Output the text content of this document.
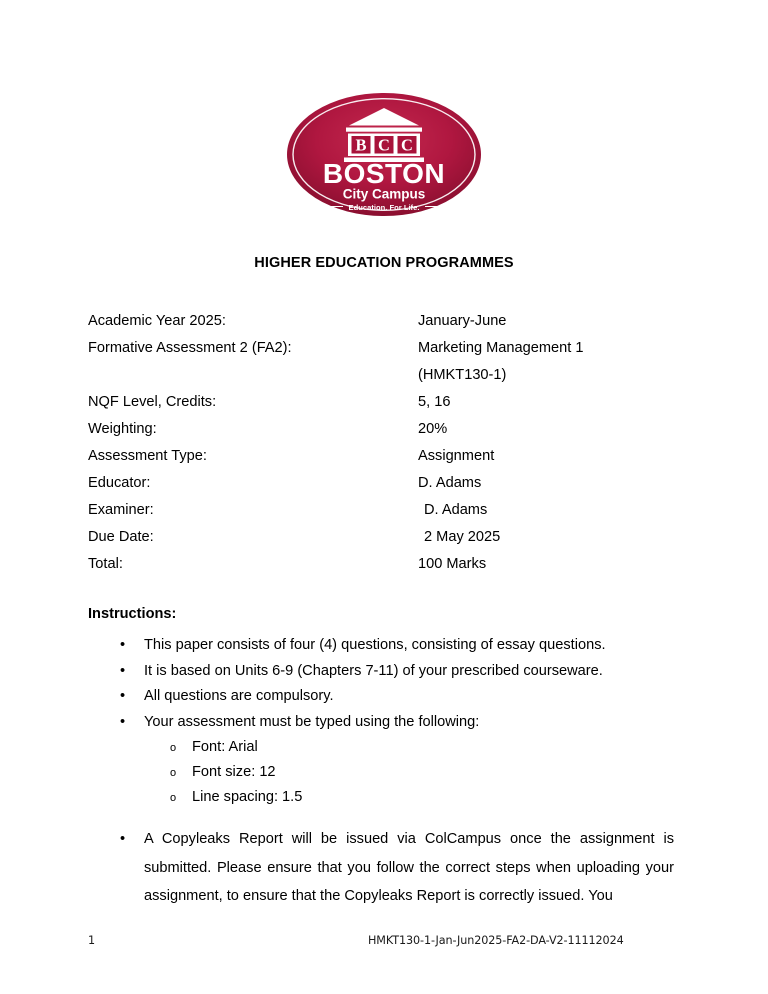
B C C
BOSTON
City Campus
Education. For Life.
HIGHER EDUCATION PROGRAMMES
Academic Year 2025:	January-June
Formative Assessment 2 (FA2):	Marketing Management 1
(HMKT130-1)
NQF Level, Credits:	5, 16
Weighting:	20%
Assessment Type:	Assignment
Educator:	D. Adams
Examiner:	D. Adams
Due Date:	2 May 2025
Total:	100 Marks
Instructions:
• This paper consists of four (4) questions, consisting of essay questions.
• It is based on Units 6-9 (Chapters 7-11) of your prescribed courseware.
• All questions are compulsory.
• Your assessment must be typed using the following:
o Font: Arial
o Font size: 12
o Line spacing: 1.5
• A Copyleaks Report will be issued via ColCampus once the assignment is submitted. Please ensure that you follow the correct steps when uploading your assignment, to ensure that the Copyleaks Report is correctly issued. You

1	HMKT130-1-Jan-Jun2025-FA2-DA-V2-11112024
